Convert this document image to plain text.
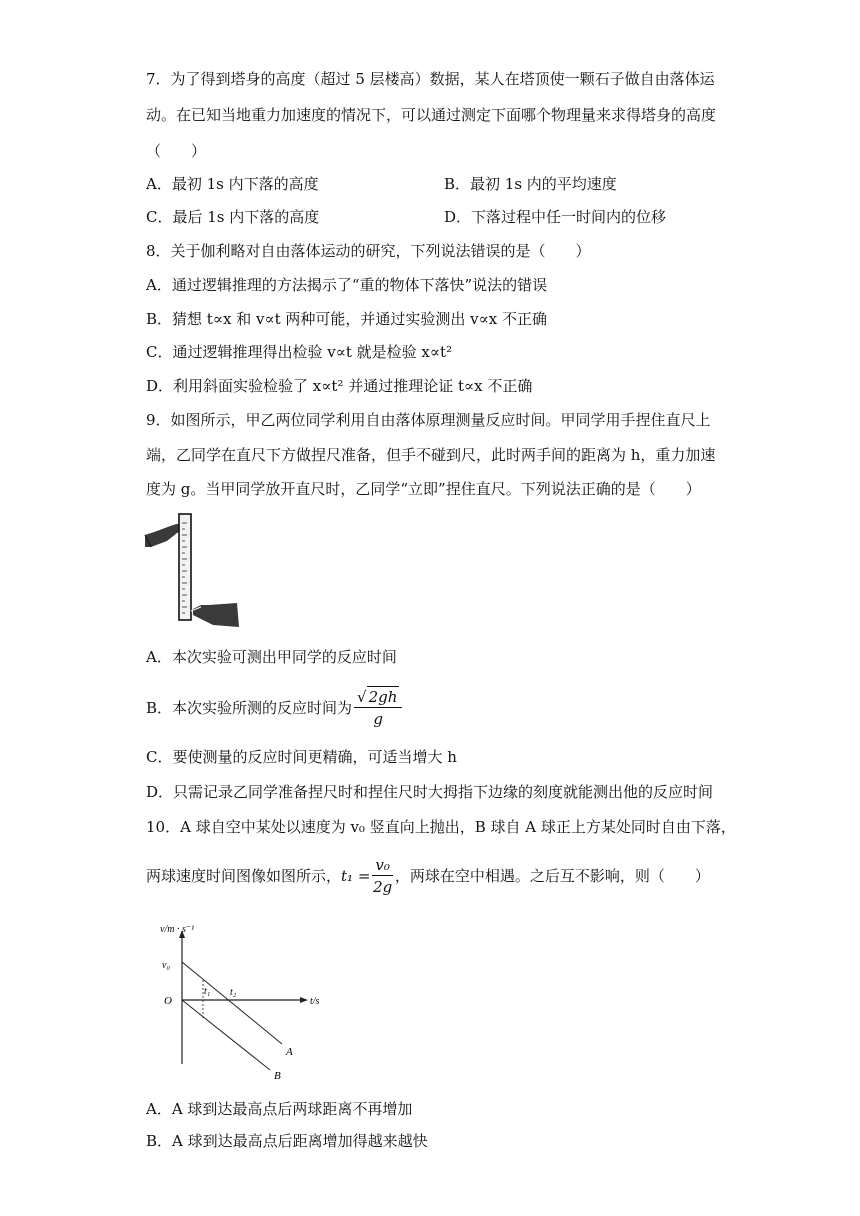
7．为了得到塔身的高度（超过 5 层楼高）数据，某人在塔顶使一颗石子做自由落体运
动。在已知当地重力加速度的情况下，可以通过测定下面哪个物理量来求得塔身的高度
（　　）
A．最初 1s 内下落的高度	B．最初 1s 内的平均速度
C．最后 1s 内下落的高度	D．下落过程中任一时间内的位移
8．关于伽利略对自由落体运动的研究，下列说法错误的是（　　）
A．通过逻辑推理的方法揭示了“重的物体下落快”说法的错误
B．猜想 t∝x 和 v∝t 两种可能，并通过实验测出 v∝x 不正确
C．通过逻辑推理得出检验 v∝t 就是检验 x∝t²
D．利用斜面实验检验了 x∝t² 并通过推理论证 t∝x 不正确
9．如图所示，甲乙两位同学利用自由落体原理测量反应时间。甲同学用手捏住直尺上
端，乙同学在直尺下方做捏尺准备，但手不碰到尺，此时两手间的距离为 h，重力加速
度为 g。当甲同学放开直尺时，乙同学“立即”捏住直尺。下列说法正确的是（　　）
A．本次实验可测出甲同学的反应时间
B．本次实验所测的反应时间为 $\frac{√ 2gh}{g}$
C．要使测量的反应时间更精确，可适当增大 h
D．只需记录乙同学准备捏尺时和捏住尺时大拇指下边缘的刻度就能测出他的反应时间
10．A 球自空中某处以速度为 v₀ 竖直向上抛出，B 球自 A 球正上方某处同时自由下落，
两球速度时间图像如图所示，$t_1 = \frac{\text{v₀}}{2g}$ ，两球在空中相遇。之后互不影响，则（　　）
v/m · s⁻¹
t/s
O
v₀
t₁ t₂
A
B
A．A 球到达最高点后两球距离不再增加
B．A 球到达最高点后距离增加得越来越快
